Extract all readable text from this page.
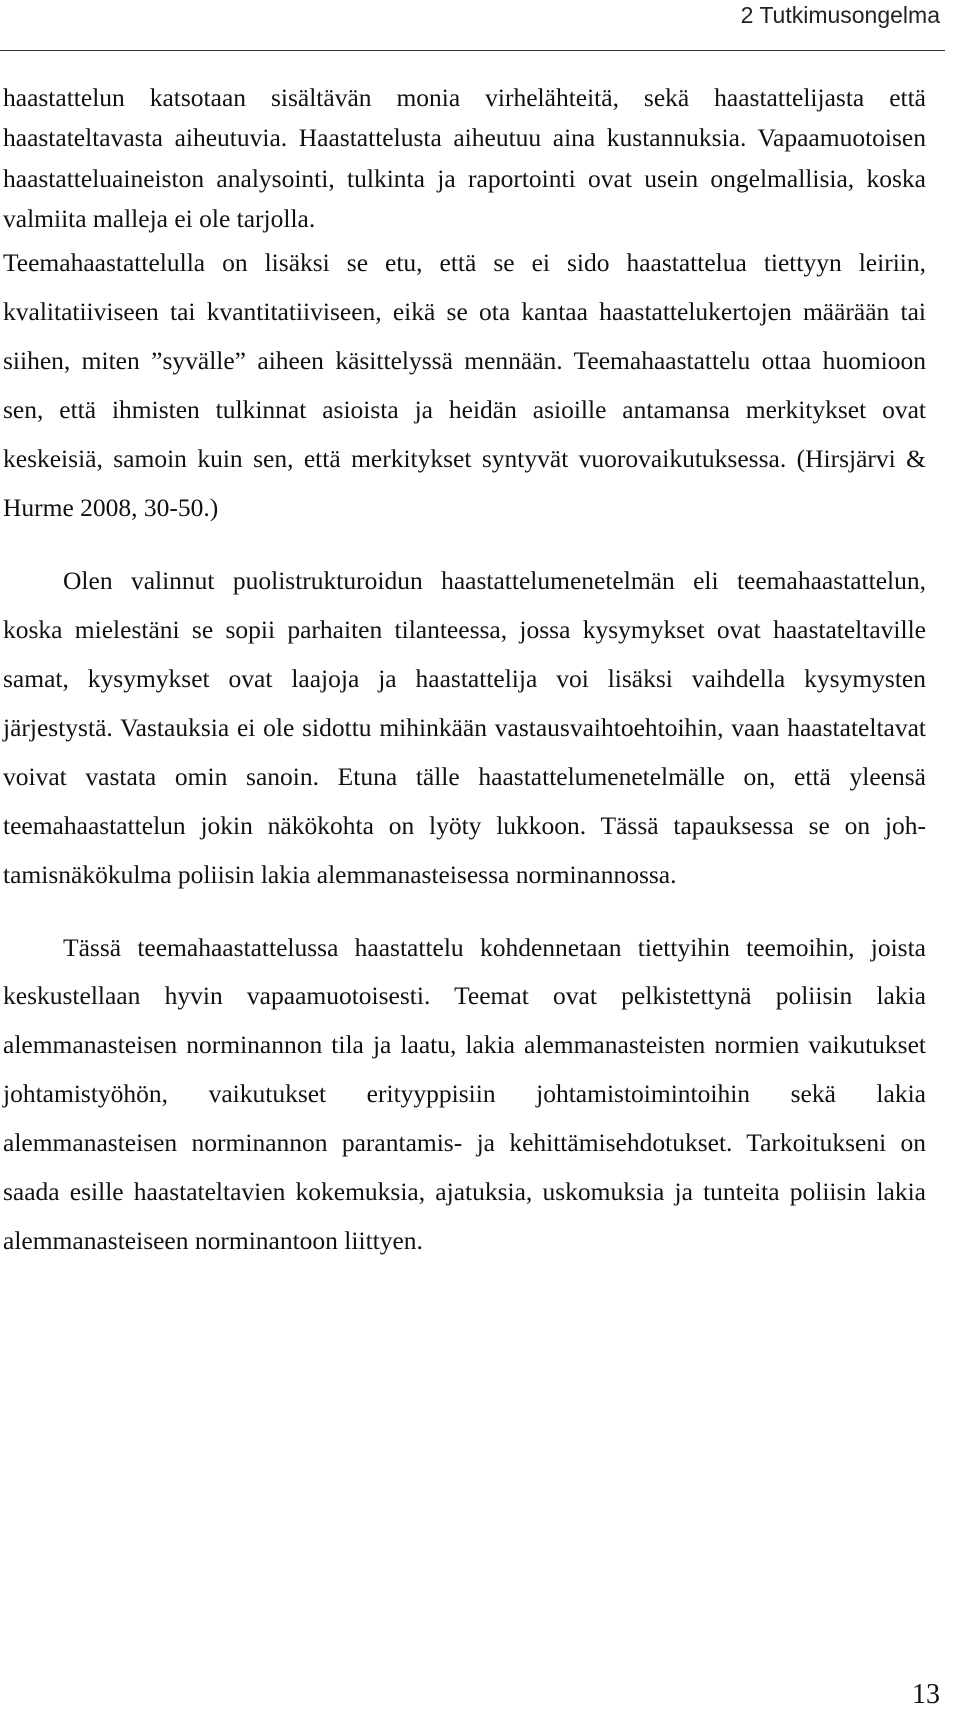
2 Tutkimusongelma

haastattelun katsotaan sisältävän monia virhelähteitä, sekä haastattelijasta että haastateltavasta aiheutuvia. Haastattelusta aiheutuu aina kustannuksia. Vapaamuotoisen haastatteluaineiston analysointi, tulkinta ja raportointi ovat usein ongelmallisia, koska valmiita malleja ei ole tarjolla.

Teemahaastattelulla on lisäksi se etu, että se ei sido haastattelua tiettyyn leiriin, kvalitatiiviseen tai kvantitatiiviseen, eikä se ota kantaa haastattelukertojen määrään tai siihen, miten ”syvälle” aiheen käsittelyssä mennään. Teemahaastattelu ottaa huomioon sen, että ihmisten tulkinnat asioista ja heidän asioille antamansa merkitykset ovat keskeisiä, samoin kuin sen, että merkitykset syntyvät vuorovaikutuksessa. (Hirsjärvi & Hurme 2008, 30-50.)

Olen valinnut puolistrukturoidun haastattelumenetelmän eli teemahaastattelun, koska mielestäni se sopii parhaiten tilanteessa, jossa kysymykset ovat haastateltaville samat, kysymykset ovat laajoja ja haastattelija voi lisäksi vaihdella kysymysten järjestystä. Vastauksia ei ole sidottu mihinkään vastausvaihtoehtoihin, vaan haastateltavat voivat vastata omin sanoin. Etuna tälle haastattelumenetelmälle on, että yleensä teemahaastattelun jokin näkökohta on lyöty lukkoon. Tässä tapauksessa se on johtamisnäkökulma poliisin lakia alemmanasteisessa norminannossa.

Tässä teemahaastattelussa haastattelu kohdennetaan tiettyihin teemoihin, joista keskustellaan hyvin vapaamuotoisesti. Teemat ovat pelkistettynä poliisin lakia alemmanasteisen norminannon tila ja laatu, lakia alemmanasteisten normien vaikutukset johtamistyöhön, vaikutukset erityyppisiin johtamistoimintoihin sekä lakia alemmanasteisen norminannon parantamis- ja kehittämisehdotukset. Tarkoitukseni on saada esille haastateltavien kokemuksia, ajatuksia, uskomuksia ja tunteita poliisin lakia alemmanasteiseen norminantoon liittyen.

13
